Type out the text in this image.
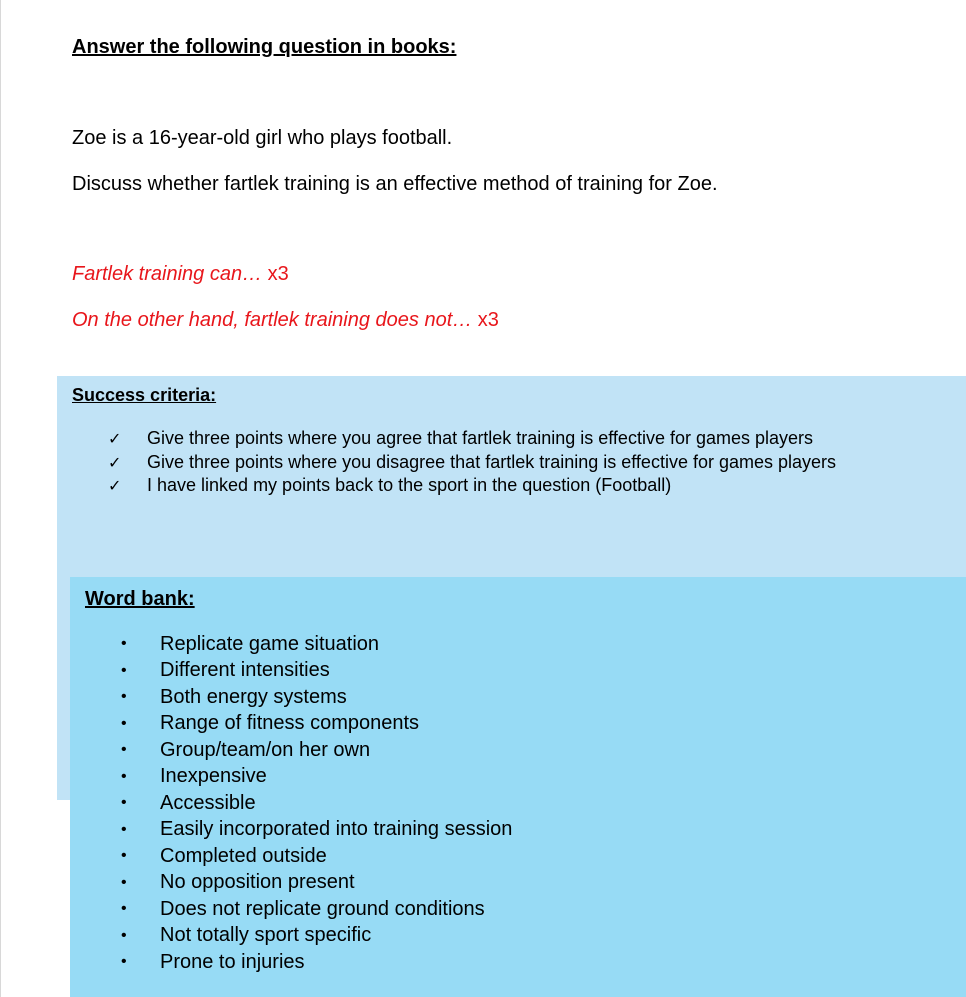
Answer the following question in books:

Zoe is a 16-year-old girl who plays football.

Discuss whether fartlek training is an effective method of training for Zoe.

Fartlek training can… x3

On the other hand, fartlek training does not… x3

Success criteria:
✓	Give three points where you agree that fartlek training is effective for games players
✓	Give three points where you disagree that fartlek training is effective for games players
✓	I have linked my points back to the sport in the question (Football)
Word bank:
•	Replicate game situation
•	Different intensities
•	Both energy systems
•	Range of fitness components
•	Group/team/on her own
•	Inexpensive
•	Accessible
•	Easily incorporated into training session
•	Completed outside
•	No opposition present
•	Does not replicate ground conditions
•	Not totally sport specific
•	Prone to injuries
